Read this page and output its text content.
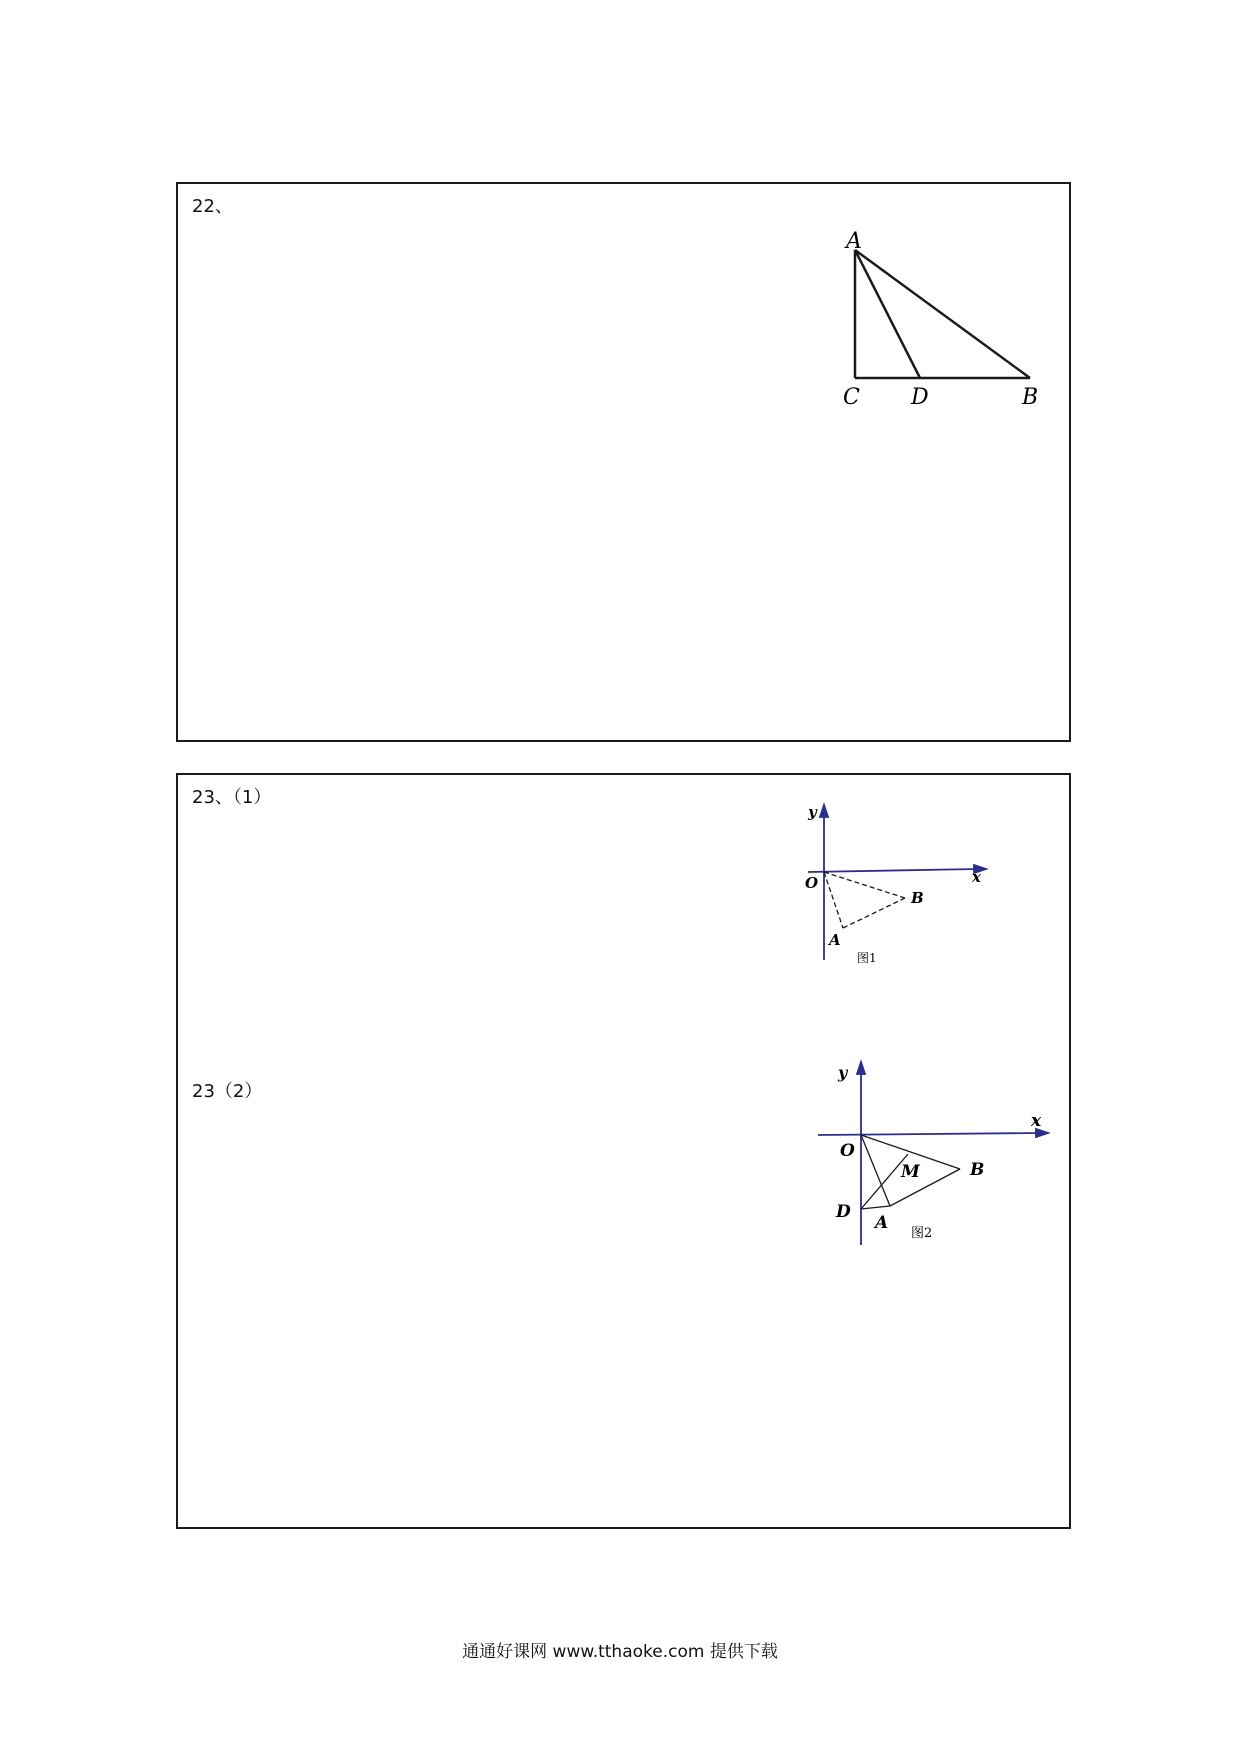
22、
A
C D	B
23、（1）
23（2）
y
x
O
B
A
图1
y
x
O
M	B
D
A
图2
通通好课网 www.tthaoke.com 提供下载
